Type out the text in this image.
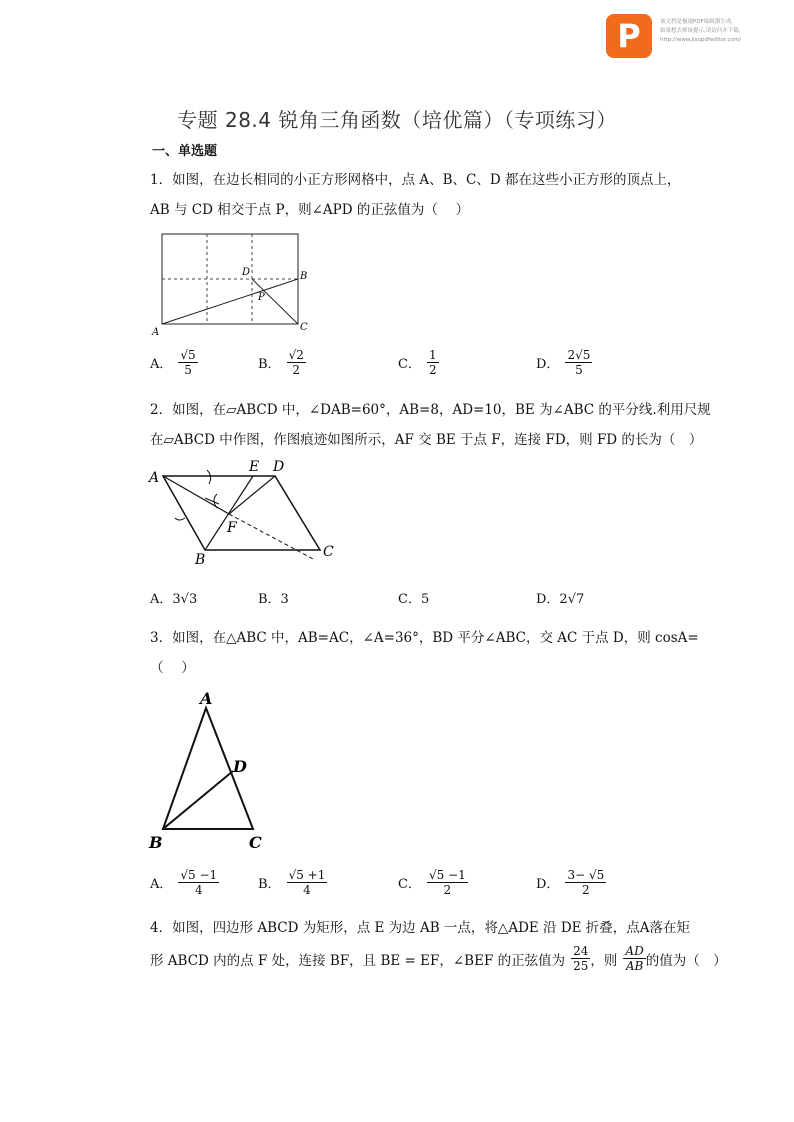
P	该文档是极速PDF编辑器生成,
如果想去掉该提示,请访问并下载:
http://www.jisupdfeditor.com/
专题 28.4 锐角三角函数（培优篇）（专项练习）
一、单选题
1．如图，在边长相同的小正方形网格中，点 A、B、C、D 都在这些小正方形的顶点上，
AB 与 CD 相交于点 P，则∠APD 的正弦值为（　 ）
A
B
C
D
P
A． $\frac{√5}{5}$	B． $\frac{√2}{2}$	C． $\frac{1}{2}$	D． $\frac{2√5}{5}$
2．如图，在▱ABCD 中，∠DAB=60°，AB=8，AD=10，BE 为∠ABC 的平分线.利用尺规
在▱ABCD 中作图，作图痕迹如图所示，AF 交 BE 于点 F，连接 FD，则 FD 的长为（　）
A
E D
F
B	C
A．3√3	B．3	C．5	D．2√7
3．如图，在△ABC 中，AB=AC，∠A=36°，BD 平分∠ABC，交 AC 于点 D，则 cosA=
（　 ）
A
D
B	C
A． $\frac{√5 -1}{4}$	B． $\frac{√5 +1}{4}$	C． $\frac{√5 -1}{2}$	D． $\frac{3- √5}{2}$
4．如图，四边形 ABCD 为矩形，点 E 为边 AB 一点，将△ADE 沿 DE 折叠，点A落在矩
形 ABCD 内的点 F 处，连接 BF，且 BE = EF，∠BEF 的正弦值为 $\frac{24}{25}$ ，则 $\frac{AD}{AB}$ 的值为（　）
